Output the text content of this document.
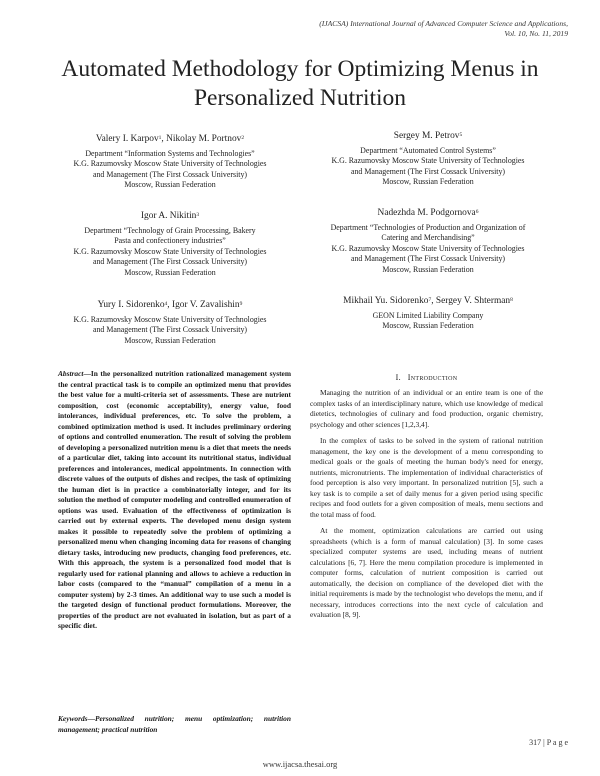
(IJACSA) International Journal of Advanced Computer Science and Applications,
Vol. 10, No. 11, 2019
Automated Methodology for Optimizing Menus in
Personalized Nutrition
Valery I. Karpov$^1$, Nikolay M. Portnov$^2$
Department “Information Systems and Technologies”
K.G. Razumovsky Moscow State University of Technologies
and Management (The First Cossack University)
Moscow, Russian Federation
Sergey M. Petrov$^5$
Department “Automated Control Systems”
K.G. Razumovsky Moscow State University of Technologies
and Management (The First Cossack University)
Moscow, Russian Federation
Igor A. Nikitin$^3$
Department “Technology of Grain Processing, Bakery
Pasta and confectionery industries”
K.G. Razumovsky Moscow State University of Technologies
and Management (The First Cossack University)
Moscow, Russian Federation
Nadezhda M. Podgornova$^6$
Department “Technologies of Production and Organization of
Catering and Merchandising”
K.G. Razumovsky Moscow State University of Technologies
and Management (The First Cossack University)
Moscow, Russian Federation
Yury I. Sidorenko$^4$, Igor V. Zavalishin$^9$
K.G. Razumovsky Moscow State University of Technologies
and Management (The First Cossack University)
Moscow, Russian Federation
Mikhail Yu. Sidorenko$^7$, Sergey V. Shterman$^8$
GEON Limited Liability Company
Moscow, Russian Federation
Abstract—In the personalized nutrition rationalized management system the central practical task is to compile an optimized menu that provides the best value for a multi-criteria set of assessments. These are nutrient composition, cost (economic acceptability), energy value, food intolerances, individual preferences, etc. To solve the problem, a combined optimization method is used. It includes preliminary ordering of options and controlled enumeration. The result of solving the problem of developing a personalized nutrition menu is a diet that meets the needs of a particular diet, taking into account its nutritional status, individual preferences and intolerances, medical appointments. In connection with discrete values of the outputs of dishes and recipes, the task of optimizing the human diet is in practice a combinatorially integer, and for its solution the method of computer modeling and controlled enumeration of options was used. Evaluation of the effectiveness of optimization is carried out by external experts. The developed menu design system makes it possible to repeatedly solve the problem of optimizing a personalized menu when changing incoming data for reasons of changing dietary tasks, introducing new products, changing food preferences, etc. With this approach, the system is a personalized food model that is regularly used for rational planning and allows to achieve a reduction in labor costs (compared to the “manual” compilation of a menu in a computer system) by 2-3 times. An additional way to use such a model is the targeted design of functional product formulations. Moreover, the properties of the product are not evaluated in isolation, but as part of a specific diet.
Keywords—Personalized nutrition; menu optimization; nutrition management; practical nutrition
I. Introduction

Managing the nutrition of an individual or an entire team is one of the complex tasks of an interdisciplinary nature, which use knowledge of medical dietetics, technologies of culinary and food production, organic chemistry, psychology and other sciences [1,2,3,4].

In the complex of tasks to be solved in the system of rational nutrition management, the key one is the development of a menu corresponding to medical goals or the goals of meeting the human body's need for energy, nutrients, micronutrients. The implementation of individual characteristics of food perception is also very important. In personalized nutrition [5], such a key task is to compile a set of daily menus for a given period using specific recipes and food outlets for a given composition of meals, menu sections and the total mass of food.

At the moment, optimization calculations are carried out using spreadsheets (which is a form of manual calculation) [3]. In some cases specialized computer systems are used, including means of nutrient calculations [6, 7]. Here the menu compilation procedure is implemented in computer forms, calculation of nutrient composition is carried out automatically, the decision on compliance of the developed diet with the initial requirements is made by the technologist who develops the menu, and if necessary, introduces corrections into the next cycle of calculation and evaluation [8, 9].

317 | P a g e
www.ijacsa.thesai.org
